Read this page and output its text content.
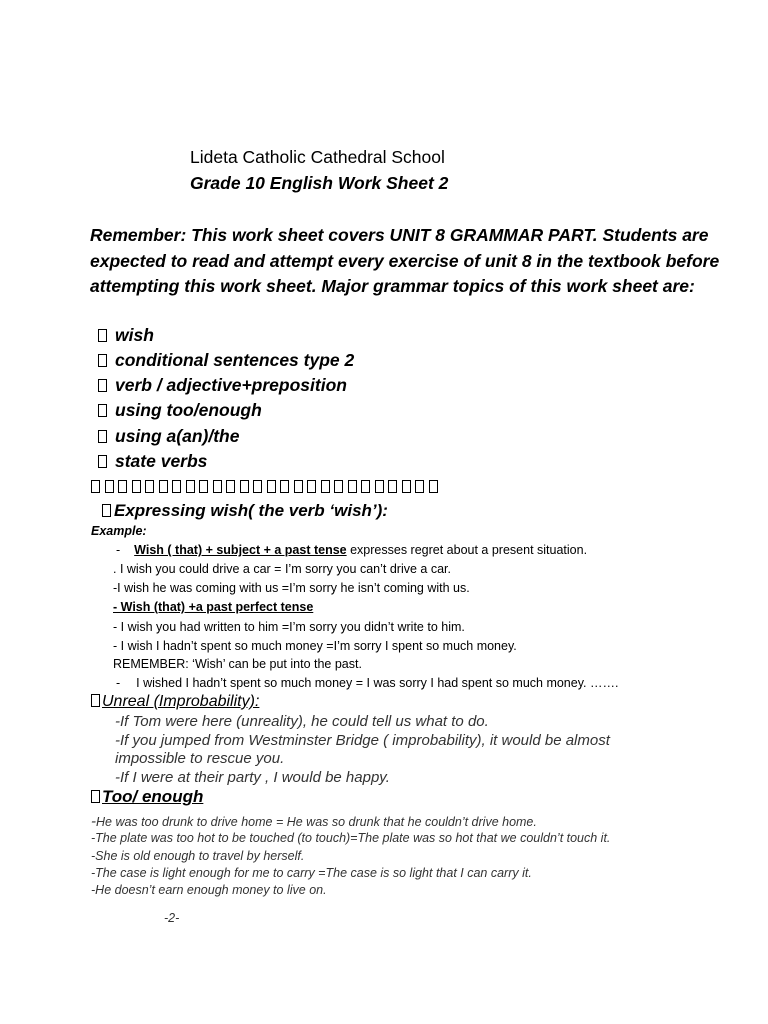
Lideta Catholic Cathedral School
Grade 10 English Work Sheet 2
Remember: This work sheet covers UNIT 8 GRAMMAR PART. Students are expected to read and attempt every exercise of unit 8 in the textbook before attempting this work sheet. Major grammar topics of this work sheet are:
wish
conditional sentences type 2
verb / adjective+preposition
using too/enough
using a(an)/the
state verbs
Expressing wish( the verb ‘wish’):
Example:
- Wish ( that) + subject + a past tense expresses regret about a present situation.
. I wish you could drive a car = I’m sorry you can’t drive a car.
-I wish he was coming with us =I’m sorry he isn’t coming with us.
- Wish (that) +a past perfect tense
- I wish you had written to him =I’m sorry you didn’t write to him.
- I wish I hadn’t spent so much money =I’m sorry I spent so much money.
REMEMBER: ‘Wish’ can be put into the past.
- I wished I hadn’t spent so much money = I was sorry I had spent so much money. …….
Unreal (Improbability):
-If Tom were here (unreality), he could tell us what to do.
-If you jumped from Westminster Bridge ( improbability), it would be almost
impossible to rescue you.
-If I were at their party , I would be happy.
Too/ enough
-He was too drunk to drive home = He was so drunk that he couldn’t drive home.
-The plate was too hot to be touched (to touch)=The plate was so hot that we couldn’t touch it.
-She is old enough to travel by herself.
-The case is light enough for me to carry =The case is so light that I can carry it.
-He doesn’t earn enough money to live on.
-2-
